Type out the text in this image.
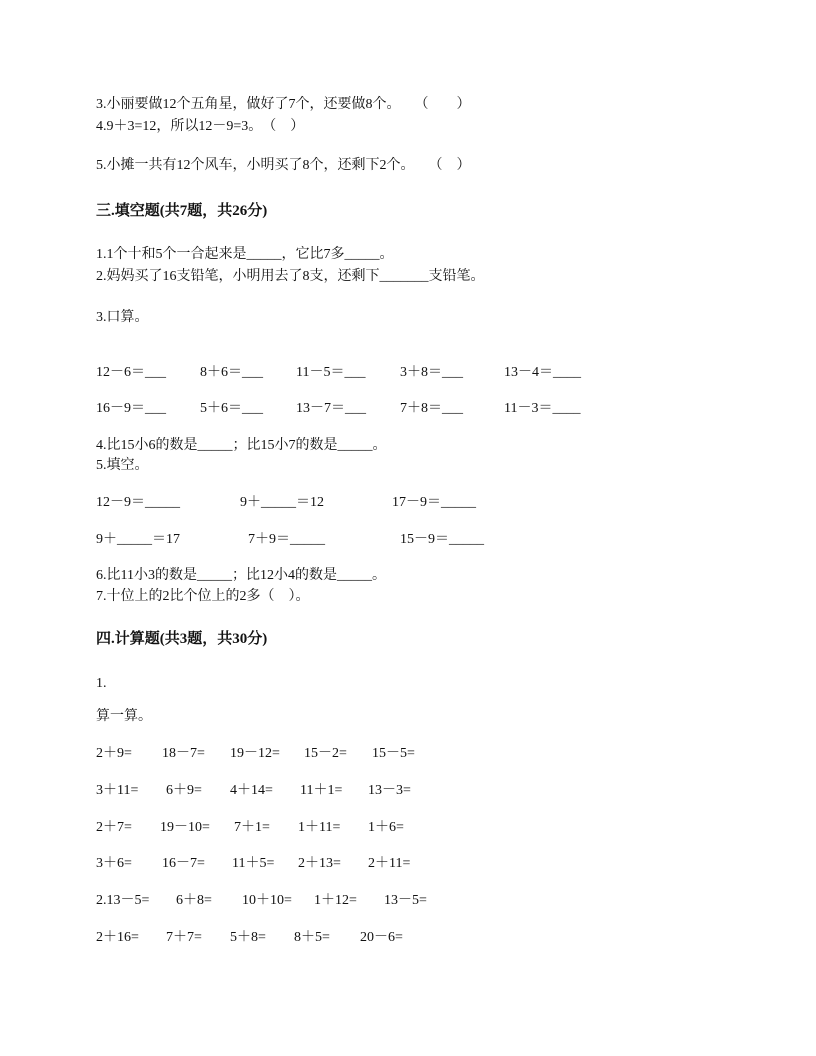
3.小丽要做12个五角星，做好了7个，还要做8个。　　（　　）
4.9＋3=12，所以12－9=3。　（　）
5.小摊一共有12个风车，小明买了8个，还剩下2个。　　（　）
三.填空题(共7题，共26分)
1.1个十和5个一合起来是_____，它比7多_____。
2.妈妈买了16支铅笔，小明用去了8支，还剩下_______支铅笔。
3.口算。
12－6＝___ 8＋6＝___ 11－5＝___ 3＋8＝___	13－4＝____
16－9＝___ 5＋6＝___ 13－7＝___ 7＋8＝___	11－3＝____
4.比15小6的数是_____；比15小7的数是_____。
5.填空。
12－9＝_____	9＋_____＝12	17－9＝_____
9＋_____＝17	7＋9＝_____	15－9＝_____
6.比11小3的数是_____；比12小4的数是_____。
7.十位上的2比个位上的2多（　）。
四.计算题(共3题，共30分)
1.
算一算。
2＋9= 18－7= 19－12= 15－2= 15－5=
3＋11= 6＋9= 4＋14= 11＋1= 13－3=
2＋7= 19－10= 7＋1= 1＋11= 1＋6=
3＋6= 16－7= 11＋5= 2＋13= 2＋11=
2.13－5= 6＋8= 10＋10= 1＋12= 13－5=
2＋16= 7＋7= 5＋8= 8＋5= 20－6=
